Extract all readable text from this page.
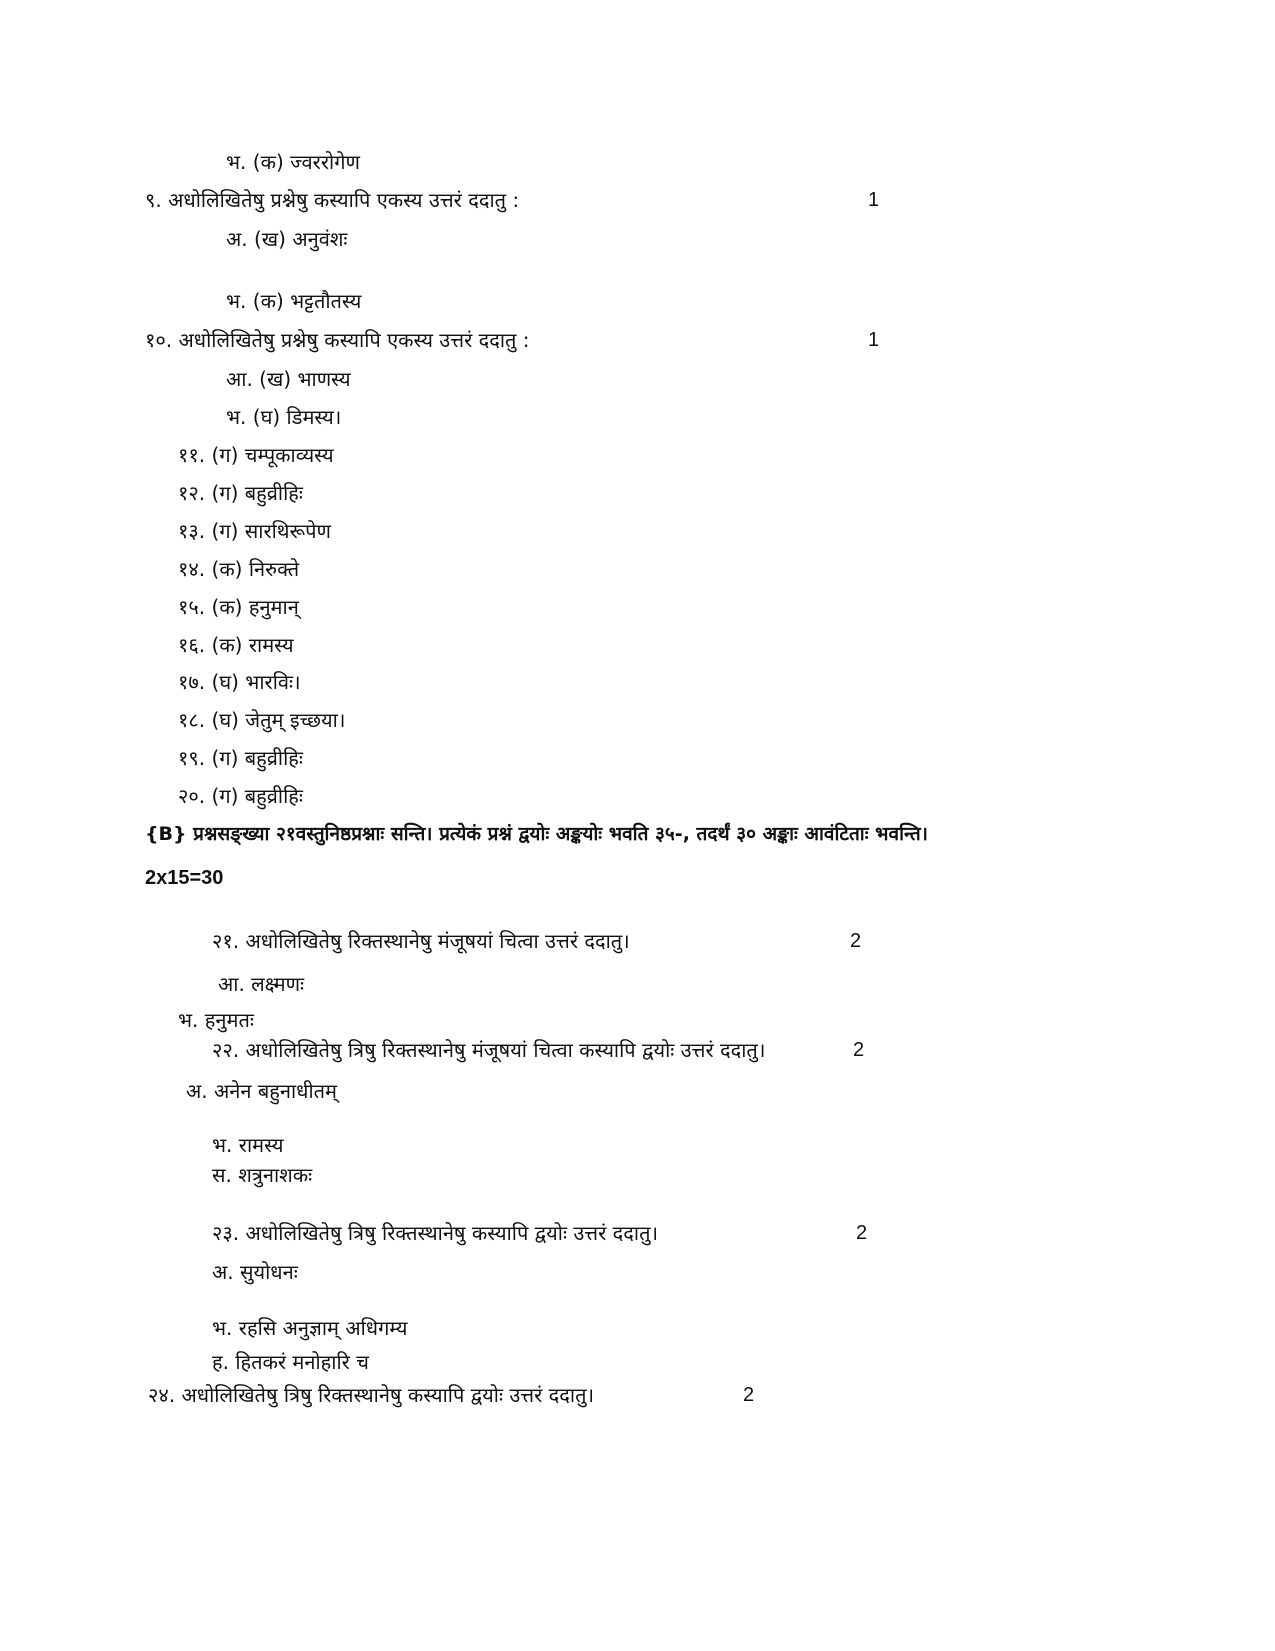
भ. (क) ज्वररोगेण
९. अधोलिखितेषु प्रश्नेषु कस्यापि एकस्य उत्तरं ददातु :	1
अ. (ख) अनुवंशः
भ. (क) भट्टतौतस्य
१०. अधोलिखितेषु प्रश्नेषु कस्यापि एकस्य उत्तरं ददातु :	1
आ. (ख) भाणस्य
भ. (घ) डिमस्य।
११. (ग) चम्पूकाव्यस्य
१२. (ग) बहुव्रीहिः
१३. (ग) सारथिरूपेण
१४. (क) निरुक्ते
१५. (क) हनुमान्
१६. (क) रामस्य
१७. (घ) भारविः।
१८. (घ) जेतुम् इच्छया।
१९. (ग) बहुव्रीहिः
२०. (ग) बहुव्रीहिः
{B} प्रश्नसङ्ख्या २१वस्तुनिष्ठप्रश्नाः सन्ति। प्रत्येकं प्रश्नं द्वयोः अङ्कयोः भवति ३५-, तदर्थं ३० अङ्काः आवंटिताः भवन्ति।
2x15=30
२१. अधोलिखितेषु रिक्तस्थानेषु मंजूषयां चित्वा उत्तरं ददातु।	2
आ. लक्ष्मणः
भ. हनुमतः
२२. अधोलिखितेषु त्रिषु रिक्तस्थानेषु मंजूषयां चित्वा कस्यापि द्वयोः उत्तरं ददातु।	2
अ. अनेन बहुनाधीतम्
भ. रामस्य
स. शत्रुनाशकः
२३. अधोलिखितेषु त्रिषु रिक्तस्थानेषु कस्यापि द्वयोः उत्तरं ददातु।	2
अ. सुयोधनः
भ. रहसि अनुज्ञाम् अधिगम्य
ह. हितकरं मनोहारि च
२४. अधोलिखितेषु त्रिषु रिक्तस्थानेषु कस्यापि द्वयोः उत्तरं ददातु।	2
